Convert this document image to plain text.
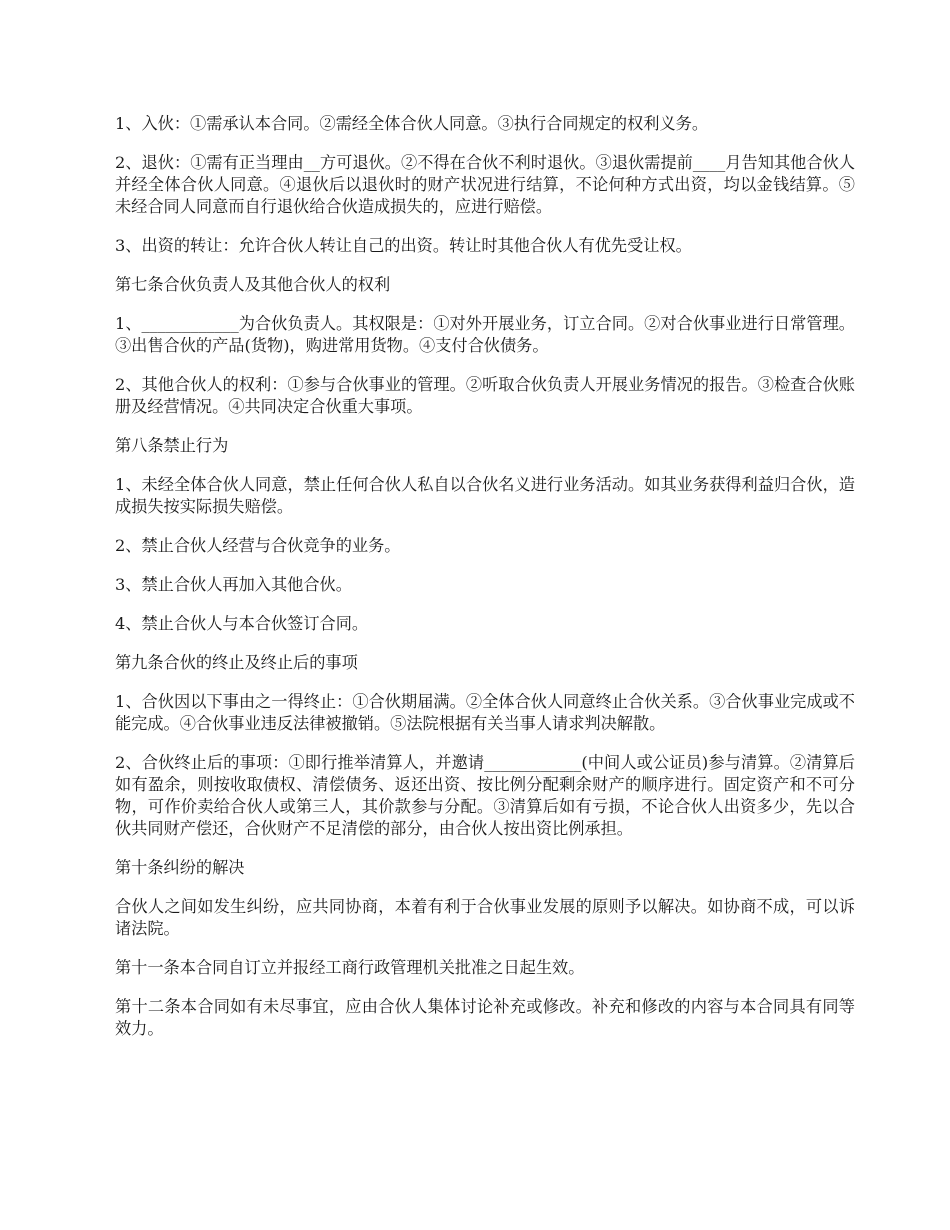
1、入伙：①需承认本合同。②需经全体合伙人同意。③执行合同规定的权利义务。

2、退伙：①需有正当理由__方可退伙。②不得在合伙不利时退伙。③退伙需提前____月告知其他合伙人并经全体合伙人同意。④退伙后以退伙时的财产状况进行结算，不论何种方式出资，均以金钱结算。⑤未经合同人同意而自行退伙给合伙造成损失的，应进行赔偿。

3、出资的转让：允许合伙人转让自己的出资。转让时其他合伙人有优先受让权。

第七条合伙负责人及其他合伙人的权利

1、____________为合伙负责人。其权限是：①对外开展业务，订立合同。②对合伙事业进行日常管理。③出售合伙的产品(货物)，购进常用货物。④支付合伙债务。

2、其他合伙人的权利：①参与合伙事业的管理。②听取合伙负责人开展业务情况的报告。③检查合伙账册及经营情况。④共同决定合伙重大事项。

第八条禁止行为

1、未经全体合伙人同意，禁止任何合伙人私自以合伙名义进行业务活动。如其业务获得利益归合伙，造成损失按实际损失赔偿。

2、禁止合伙人经营与合伙竞争的业务。

3、禁止合伙人再加入其他合伙。

4、禁止合伙人与本合伙签订合同。

第九条合伙的终止及终止后的事项

1、合伙因以下事由之一得终止：①合伙期届满。②全体合伙人同意终止合伙关系。③合伙事业完成或不能完成。④合伙事业违反法律被撤销。⑤法院根据有关当事人请求判决解散。

2、合伙终止后的事项：①即行推举清算人，并邀请____________(中间人或公证员)参与清算。②清算后如有盈余，则按收取债权、清偿债务、返还出资、按比例分配剩余财产的顺序进行。固定资产和不可分物，可作价卖给合伙人或第三人，其价款参与分配。③清算后如有亏损，不论合伙人出资多少，先以合伙共同财产偿还，合伙财产不足清偿的部分，由合伙人按出资比例承担。

第十条纠纷的解决

合伙人之间如发生纠纷，应共同协商，本着有利于合伙事业发展的原则予以解决。如协商不成，可以诉诸法院。

第十一条本合同自订立并报经工商行政管理机关批准之日起生效。

第十二条本合同如有未尽事宜，应由合伙人集体讨论补充或修改。补充和修改的内容与本合同具有同等效力。
